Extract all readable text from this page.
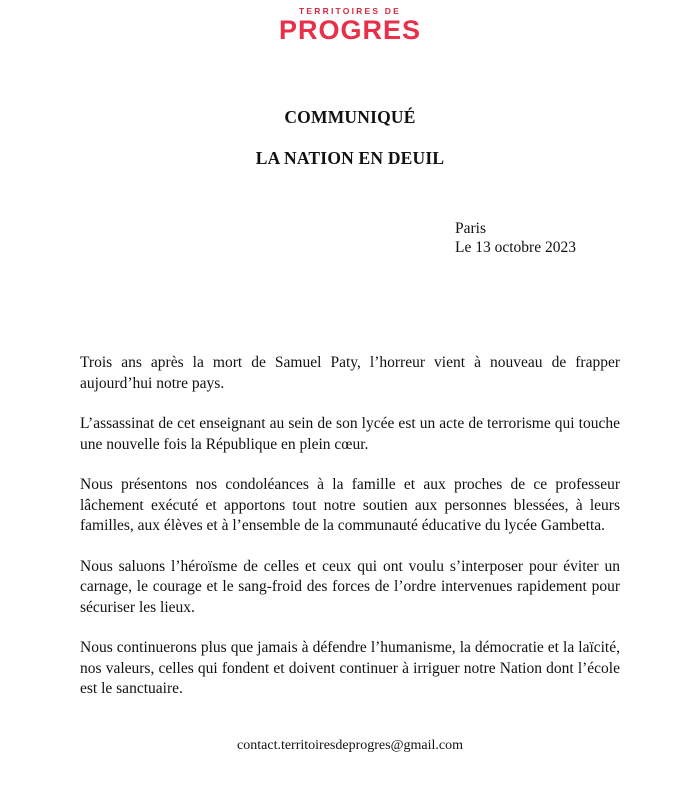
TERRITOIRES DE
PROGRES
COMMUNIQUÉ
LA NATION EN DEUIL
Paris
Le 13 octobre 2023

Trois ans après la mort de Samuel Paty, l’horreur vient à nouveau de frapper aujourd’hui notre pays.

L’assassinat de cet enseignant au sein de son lycée est un acte de terrorisme qui touche une nouvelle fois la République en plein cœur.

Nous présentons nos condoléances à la famille et aux proches de ce professeur lâchement exécuté et apportons tout notre soutien aux personnes blessées, à leurs familles, aux élèves et à l’ensemble de la communauté éducative du lycée Gambetta.

Nous saluons l’héroïsme de celles et ceux qui ont voulu s’interposer pour éviter un carnage, le courage et le sang-froid des forces de l’ordre intervenues rapidement pour sécuriser les lieux.

Nous continuerons plus que jamais à défendre l’humanisme, la démocratie et la laïcité, nos valeurs, celles qui fondent et doivent continuer à irriguer notre Nation dont l’école est le sanctuaire.

contact.territoiresdeprogres@gmail.com
